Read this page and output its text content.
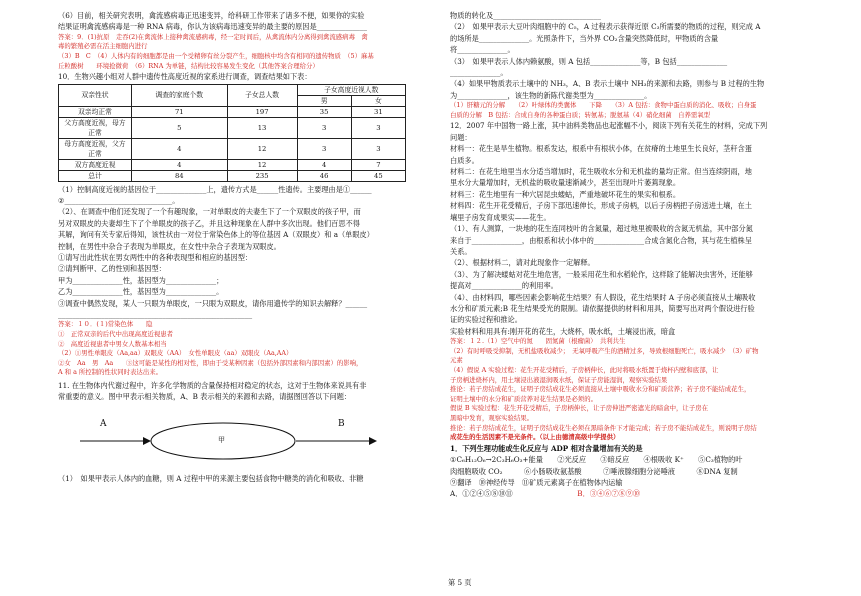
（6）目前，相关研究表明，禽流感病毒正迅速变异，给科研工作带来了诸多不便，如果你的实验

结果证明禽流感病毒是一种 RNA 病毒，你认为该病毒迅速变异的最主要的原因是______________

答案：9．(1)抗原　走吞(2)在禽流体上接种禽流感病毒，经一定时间后，从禽流体内分离得到禽流感病毒　禽

毒的繁殖必需在活主细胞内进行

（3）B　C　（4）人体内有的细胞都是由一个受精卵有丝分裂产生，细胞核中均含有相同的遗传物质　（5）麻基

丘粒酸树　　环境抢微荷　（6）RNA 为单链，结构比较容易发生变化（其他答案合理给分）

10．生物兴趣小组对人群中遗传性高度近视的家系进行调查，调查结果如下表：

双亲性状	调查的家庭个数	子女总人数	子女高度近视人数	
			男	女
双亲均正常	71	197	35	31
父方高度近视，母方
正常	5	13	3	3
母方高度近视，父方
正常	4	12	3	3
双方高度近视	4	12	4	7
总计	84	235	46	45

（1）控制高度近视的基因位于______________上，遗传方式是______性遗传。主要理由是①______

②______________________________。

（2）、在调查中他们还发现了一个有趣现象，一对单眼皮的夫妻生下了一个双眼皮的孩子甲，而

另对双眼皮的夫妻却生下了个单眼皮的孩子乙，并且这种现象在人群中多次出现。他们百思不得

其解，询问有关专家后得知，该性状由一对位于常染色体上的等位基因 A（双眼皮）和 a（单眼皮）

控制，在男性中杂合子表现为单眼皮，在女性中杂合子表现为双眼皮。

①请写出此性状在男女两性中的各种表现型和相应的基因型：

②请判断甲、乙的性别和基因型：

甲为______________性，基因型为______________；

乙为______________性，基因型为______________。

③调查中偶然发现，某人一只眼为单眼皮，一只眼为双眼皮，请你用遗传学的知识去解释？______

______________________________________________________

答案：１０．(１)常染色体　　隐

①　正常双亲的后代中出现高度近视患者

②　高度近视患者中男女人数基本相当

（2）①男性单眼皮（Aa,aa）双眼皮（AA）　女性单眼皮（aa）双眼皮（Aa,AA）

②女　Aa　男　Aa　　③这可能是某性的相对性，即由于受某种因素（包括外部因素和内部因素）的影响，

A 和 a 所控制的性状同时表达出来。

11. 在生物体内代谢过程中，许多化学物质的含量保持相对稳定的状态，这对于生物体来说具有非

常重要的意义。图中甲表示相关物质，A、B 表示相关的来源和去路，请据图回答以下问题：

A
甲
B

（1）　如果甲表示人体内的血糖，则 A 过程中甲的来源主要包括食物中糖类的消化和吸收、非糖

物质的转化及______________________________

（2）　如果甲表示大豆叶肉细胞中的 C₅，A 过程表示获得近原 C₃所需要的物质的过程，则完成 A

的场所是______________。光照条件下，当外界 CO₂含量突然降低时，甲物质的含量

将______________。

（3）　如果甲表示人体内赖氨酸，则 A 包括______________等，B 包括______________

______________。

（4）如果甲物质表示土壤中的 NH₃，A、B 表示土壤中 NH₃的来源和去路，则参与 B 过程的生物

为______________，该生物的新陈代谢类型为______________。

（1）肝糖元的分解　　（2）叶绿体的类囊体　　下降　　（3）A 包括：食物中蛋白质的消化、吸收；自身蛋

白质的分解　B 包括：合成自身的各种蛋白质；转氨基；脱氨基（4）硝化细菌　自养需氧型

12．2007 年中国物一路上涨，其中油料类物品也起涨幅不小，阅读下列有关花生的材料，完成下列

问题：

材料一：花生是旱生植物。根系发达，根系中有根状小体，在贫瘠的土地里生长良好，茎秆含蛋

白质多。

材料二：在花生地里当水分适当增加时，花生吸收水分和无机盐的量均正常。但当连续阴雨，地

里水分大量增加时，无机盐的吸收量速渐减少，甚至出现叶片萎蔫现象。

材料三：花生地里有一种穴居昆虫蝼蛄，严重地破坏花生的果实和根系。

材料四：花生开花受精后，子房下部迅速伸长，形成子房柄，以后子房柄把子房送进土壤，在土

壤里子房发育成果实——花生。

（1）、有人测算，一块地的花生连同枝叶的含氮量，超过地里被吸收的含氮无机盐，其中部分氮

来自于______________，由根系和状小体中的______________合成含氮化合物，其与花生植株呈

关系。

（2）、根据材料二，请对此现象作一定解释。

（3）、为了解决蝼蛄对花生地危害，一般采用花生和水稻轮作，这样除了能解决虫害外，还能够

提高对______________的利用率。

（4）、由材料四，哪些因素会影响花生结果？有人假设，花生结果时 A 子房必须直接从土壤吸收

水分和矿质元素;B 花生结果受光的限制。请依据提供的材料和用具，简要写出对两个假设进行验

证的实验过程和推论。

实验材料和用具有:刚开花的花生，大烧杯，吸水纸，土壤浸出液，暗盒

答案：１２.（1）空气中的氮　　固氮菌（根瘤菌）　共利共生

（2）有时呼吸受抑制，无机盐吸收减少；　无氧呼吸产生的酒精过多，导致根细胞死亡，吸水减少　（3）矿物

元素

（4）假说 A 实验过程：花生开花受精后，子房柄伸长，此时将吸水纸置于烧杯内壁和底部，让

子房柄进烧杯内，用土壤浸出液湿润吸水纸，保证子房能湿润，观察实验结果

推论：若子房结成花生，证明子房结成花生必须直接从土壤中吸收水分和矿质营养；若子房不能结成花生，

证明土壤中的水分和矿质营养对花生结果是必须的。

假说 B 实验过程：花生开花受精后，子房柄伸长，让子房伸进严密遮光的暗盒中，让子房在

黑暗中发育，观察实验结果。

推论：若子房结成花生，证明子房结成花生必须在黑暗条件下才能完成；若子房不能结成花生，则说明子房结

成花生的生活因素不是光条件。（以上由德清高级中学提供）

1．下列生理功能或生化反应与 ADP 相对含量增加有关的是

①C₆H₁₂O₆→2C₃H₆O₃+能量　　②光反应　　③暗反应　　④根吸收 K⁺　　⑤C₃植物的叶

肉细胞吸收 CO₂　　　⑥小肠吸收氨基酸　　　⑦唾液腺细胞分泌唾液　　　⑧DNA 复制

⑨翻译　⑩神经传导　⑪矿质元素离子在植物体内运输

A．①②④⑤⑧⑩⑪	B．③④⑥⑦⑧⑨⑩

第 5 页
